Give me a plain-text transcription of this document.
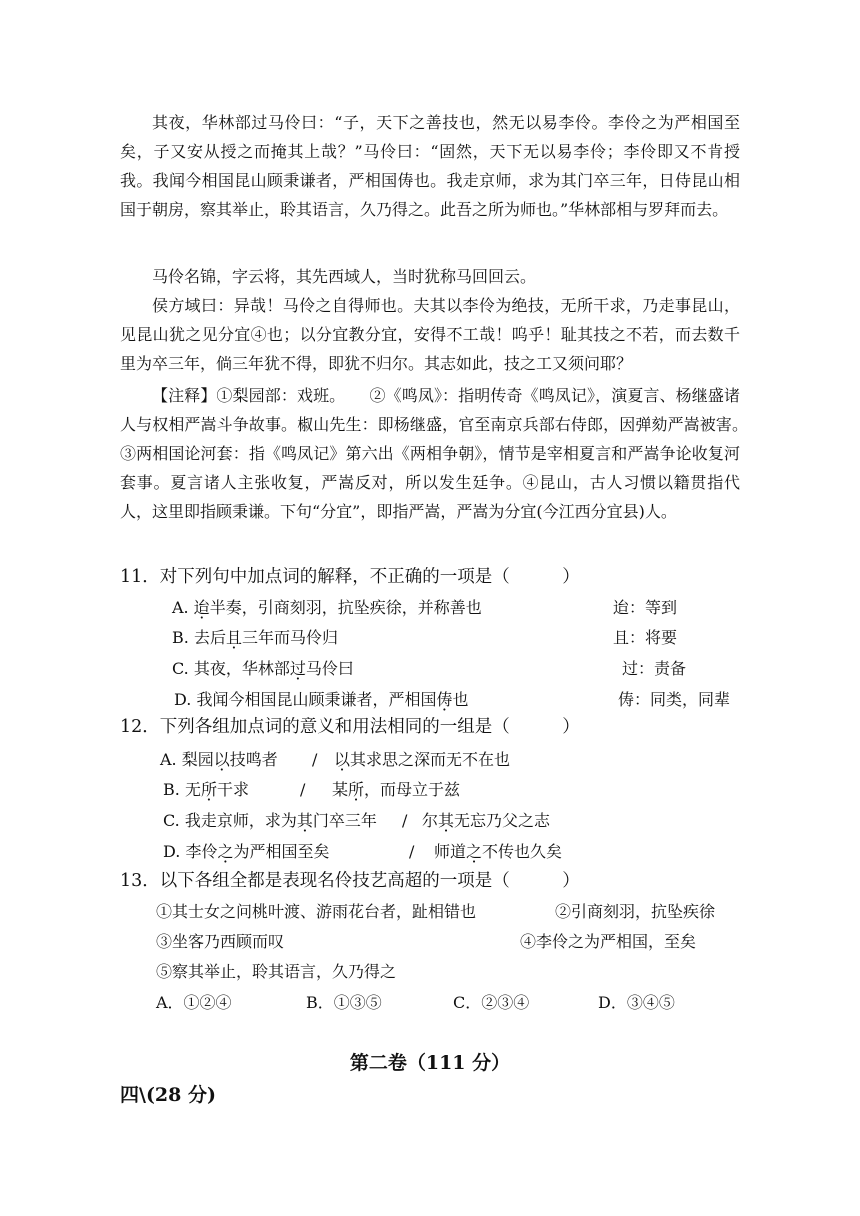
其夜，华林部过马伶曰：“子，天下之善技也，然无以易李伶。李伶之为严相国至矣，子又安从授之而掩其上哉？”马伶曰：“固然，天下无以易李伶；李伶即又不肯授我。我闻今相国昆山顾秉谦者，严相国俦也。我走京师，求为其门卒三年，日侍昆山相国于朝房，察其举止，聆其语言，久乃得之。此吾之所为师也。”华林部相与罗拜而去。
马伶名锦，字云将，其先西域人，当时犹称马回回云。
侯方域曰：异哉！马伶之自得师也。夫其以李伶为绝技，无所干求，乃走事昆山，见昆山犹之见分宜④也；以分宜教分宜，安得不工哉！呜乎！耻其技之不若，而去数千里为卒三年，倘三年犹不得，即犹不归尔。其志如此，技之工又须问耶？
【注释】①梨园部：戏班。　　②《鸣凤》：指明传奇《鸣凤记》，演夏言、杨继盛诸人与权相严嵩斗争故事。椒山先生：即杨继盛，官至南京兵部右侍郎，因弹劾严嵩被害。　　③两相国论河套：指《鸣凤记》第六出《两相争朝》，情节是宰相夏言和严嵩争论收复河套事。夏言诸人主张收复，严嵩反对，所以发生廷争。④昆山，古人习惯以籍贯指代人，这里即指顾秉谦。下句“分宜”，即指严嵩，严嵩为分宜(今江西分宜县)人。
11．对下列句中加点词的解释，不正确的一项是（　　　）
A. 迨半奏，引商刻羽，抗坠疾徐，并称善也	迨：等到
B. 去后且三年而马伶归	且：将要
C. 其夜，华林部过马伶曰	过：责备
D. 我闻今相国昆山顾秉谦者，严相国俦也	俦：同类，同辈
12．下列各组加点词的意义和用法相同的一组是（　　　）
A. 梨园以技鸣者 / 以其求思之深而无不在也
B. 无所干求	/ 某所，而母立于兹
C. 我走京师，求为其门卒三年 / 尔其无忘乃父之志
D. 李伶之为严相国至矣	/ 师道之不传也久矣
13．以下各组全都是表现名伶技艺高超的一项是（　　　）
①其士女之问桃叶渡、游雨花台者，趾相错也	②引商刻羽，抗坠疾徐
③坐客乃西顾而叹	④李伶之为严相国，至矣
⑤察其举止，聆其语言，久乃得之
A．①②④	B．①③⑤	C．②③④	D．③④⑤
第二卷（111 分）
四\(28 分)
